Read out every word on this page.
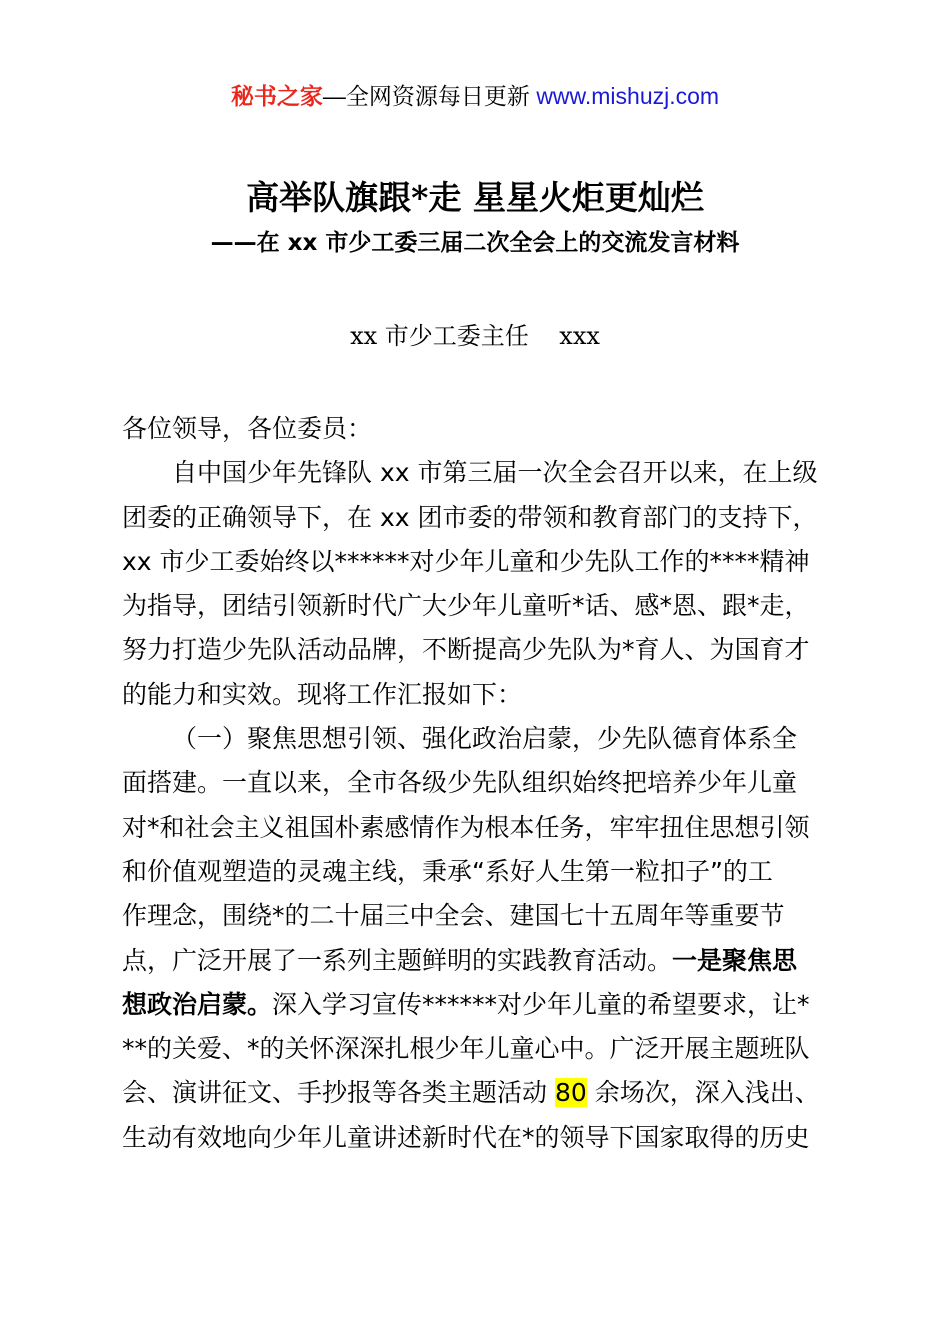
秘书之家—全网资源每日更新 www.mishuzj.com
高举队旗跟*走 星星火炬更灿烂
——在 xx 市少工委三届二次全会上的交流发言材料
xx 市少工委主任    xxx
各位领导，各位委员：
自中国少年先锋队 xx 市第三届一次全会召开以来，在上级
团委的正确领导下，在 xx 团市委的带领和教育部门的支持下，
xx 市少工委始终以******对少年儿童和少先队工作的****精神
为指导，团结引领新时代广大少年儿童听*话、感*恩、跟*走，
努力打造少先队活动品牌，不断提高少先队为*育人、为国育才
的能力和实效。现将工作汇报如下：
（一）聚焦思想引领、强化政治启蒙，少先队德育体系全
面搭建。一直以来，全市各级少先队组织始终把培养少年儿童
对*和社会主义祖国朴素感情作为根本任务，牢牢扭住思想引领
和价值观塑造的灵魂主线，秉承“系好人生第一粒扣子”的工
作理念，围绕*的二十届三中全会、建国七十五周年等重要节
点，广泛开展了一系列主题鲜明的实践教育活动。一是聚焦思
想政治启蒙。深入学习宣传******对少年儿童的希望要求，让*
**的关爱、*的关怀深深扎根少年儿童心中。广泛开展主题班队
会、演讲征文、手抄报等各类主题活动 80 余场次，深入浅出、
生动有效地向少年儿童讲述新时代在*的领导下国家取得的历史
